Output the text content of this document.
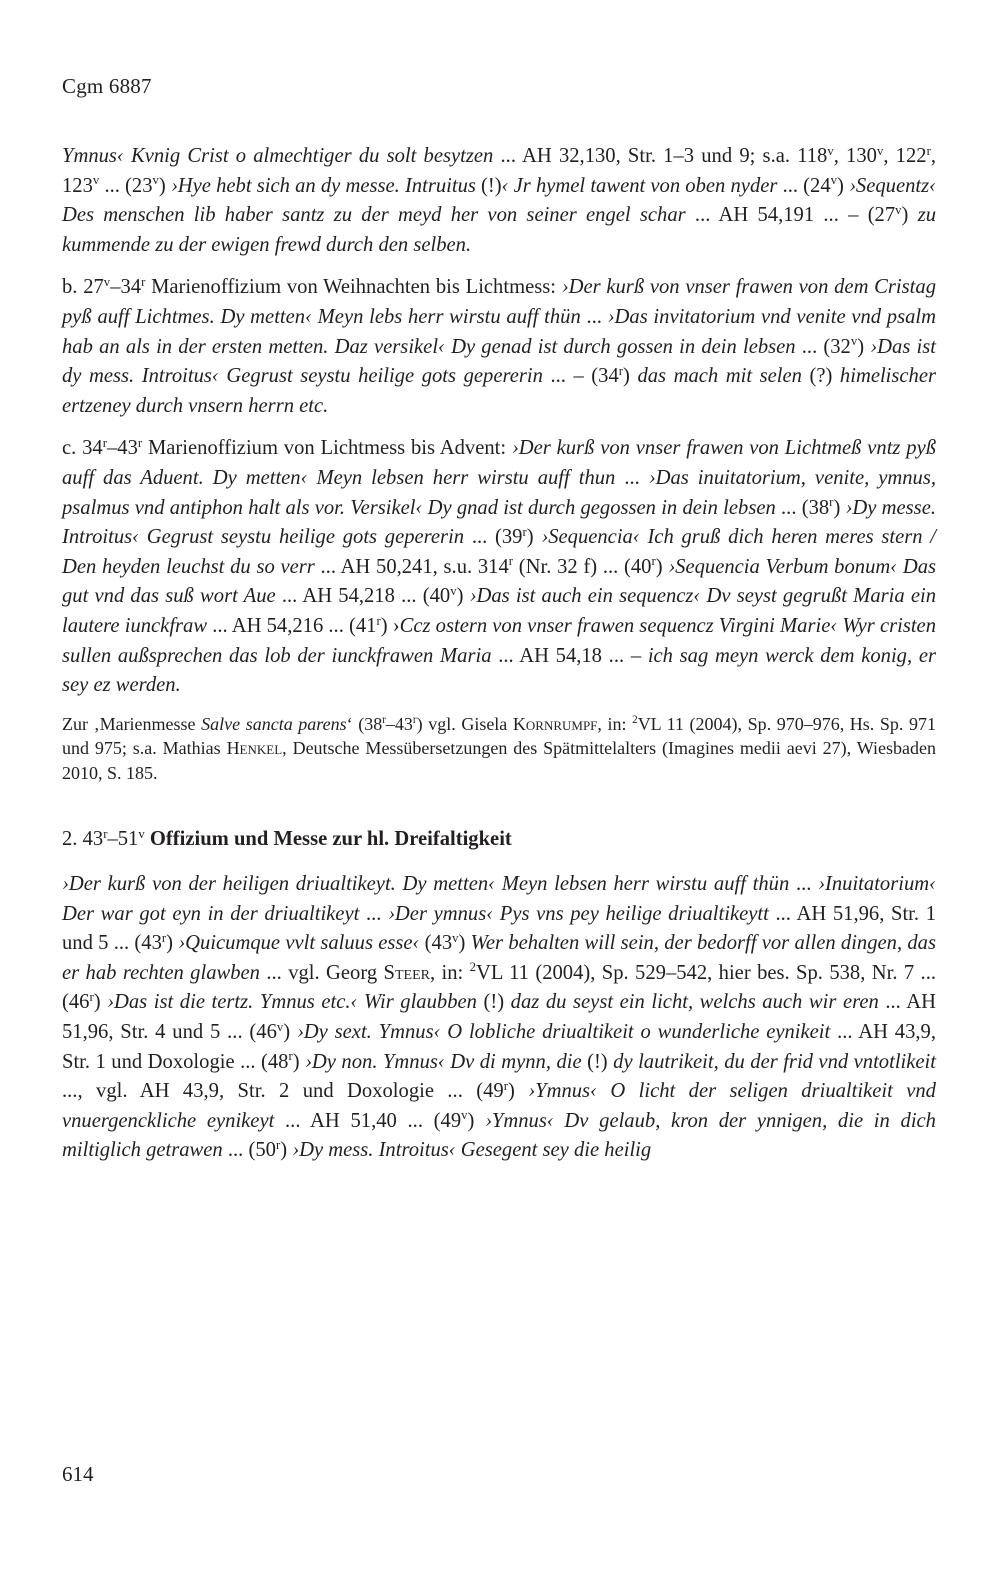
Cgm 6887

Ymnus‹ Kvnig Crist o almechtiger du solt besytzen ... AH 32,130, Str. 1–3 und 9; s.a. 118$^v$, 130$^v$, 122$^r$, 123$^v$ ... (23$^v$) ›Hye hebt sich an dy messe. Intruitus (!)‹ Jr hymel tawent von oben nyder ... (24$^v$) ›Sequentz‹ Des menschen lib haber santz zu der meyd her von seiner engel schar ... AH 54,191 ... – (27$^v$) zu kummende zu der ewigen frewd durch den selben.

b. 27$^v$–34$^r$ Marienoffizium von Weihnachten bis Lichtmess: ›Der kurß von vnser frawen von dem Cristag pyß auff Lichtmes. Dy metten‹ Meyn lebs herr wirstu auff thün ... ›Das invitatorium vnd venite vnd psalm hab an als in der ersten metten. Daz versikel‹ Dy genad ist durch gossen in dein lebsen ... (32$^v$) ›Das ist dy mess. Introitus‹ Gegrust seystu heilige gots gepererin ... – (34$^r$) das mach mit selen (?) himelischer ertzeney durch vnsern herrn etc.

c. 34$^r$–43$^r$ Marienoffizium von Lichtmess bis Advent: ›Der kurß von vnser frawen von Lichtmeß vntz pyß auff das Aduent. Dy metten‹ Meyn lebsen herr wirstu auff thun ... ›Das inuitatorium, venite, ymnus, psalmus vnd antiphon halt als vor. Versikel‹ Dy gnad ist durch gegossen in dein lebsen ... (38$^r$) ›Dy messe. Introitus‹ Gegrust seystu heilige gots gepererin ... (39$^r$) ›Sequencia‹ Ich gruß dich heren meres stern / Den heyden leuchst du so verr ... AH 50,241, s.u. 314$^r$ (Nr. 32 f) ... (40$^r$) ›Sequencia Verbum bonum‹ Das gut vnd das suß wort Aue ... AH 54,218 ... (40$^v$) ›Das ist auch ein sequencz‹ Dv seyst gegrußt Maria ein lautere iunckfraw ... AH 54,216 ... (41$^r$) ›Ccz ostern von vnser frawen sequencz Virgini Marie‹ Wyr cristen sullen außsprechen das lob der iunckfrawen Maria ... AH 54,18 ... – ich sag meyn werck dem konig, er sey ez werden.

Zur ‚Marienmesse Salve sancta parens‘ (38$^r$–43$^r$) vgl. Gisela Kornrumpf, in: $^2$VL 11 (2004), Sp. 970–976, Hs. Sp. 971 und 975; s.a. Mathias Henkel, Deutsche Messübersetzungen des Spätmittelalters (Imagines medii aevi 27), Wiesbaden 2010, S. 185.

2. 43$^r$–51$^v$ Offizium und Messe zur hl. Dreifaltigkeit

›Der kurß von der heiligen driualtikeyt. Dy metten‹ Meyn lebsen herr wirstu auff thün ... ›Inuitatorium‹ Der war got eyn in der driualtikeyt ... ›Der ymnus‹ Pys vns pey heilige driualtikeytt ... AH 51,96, Str. 1 und 5 ... (43$^r$) ›Quicumque vvlt saluus esse‹ (43$^v$) Wer behalten will sein, der bedorff vor allen dingen, das er hab rechten glawben ... vgl. Georg Steer, in: $^2$VL 11 (2004), Sp. 529–542, hier bes. Sp. 538, Nr. 7 ... (46$^r$) ›Das ist die tertz. Ymnus etc.‹ Wir glaubben (!) daz du seyst ein licht, welchs auch wir eren ... AH 51,96, Str. 4 und 5 ... (46$^v$) ›Dy sext. Ymnus‹ O lobliche driualtikeit o wunderliche eynikeit ... AH 43,9, Str. 1 und Doxologie ... (48$^r$) ›Dy non. Ymnus‹ Dv di mynn, die (!) dy lautrikeit, du der frid vnd vntotlikeit ..., vgl. AH 43,9, Str. 2 und Doxologie ... (49$^r$) ›Ymnus‹ O licht der seligen driualtikeit vnd vnuergenckliche eynikeyt ... AH 51,40 ... (49$^v$) ›Ymnus‹ Dv gelaub, kron der ynnigen, die in dich miltiglich getrawen ... (50$^r$) ›Dy mess. Introitus‹ Gesegent sey die heilig

614
